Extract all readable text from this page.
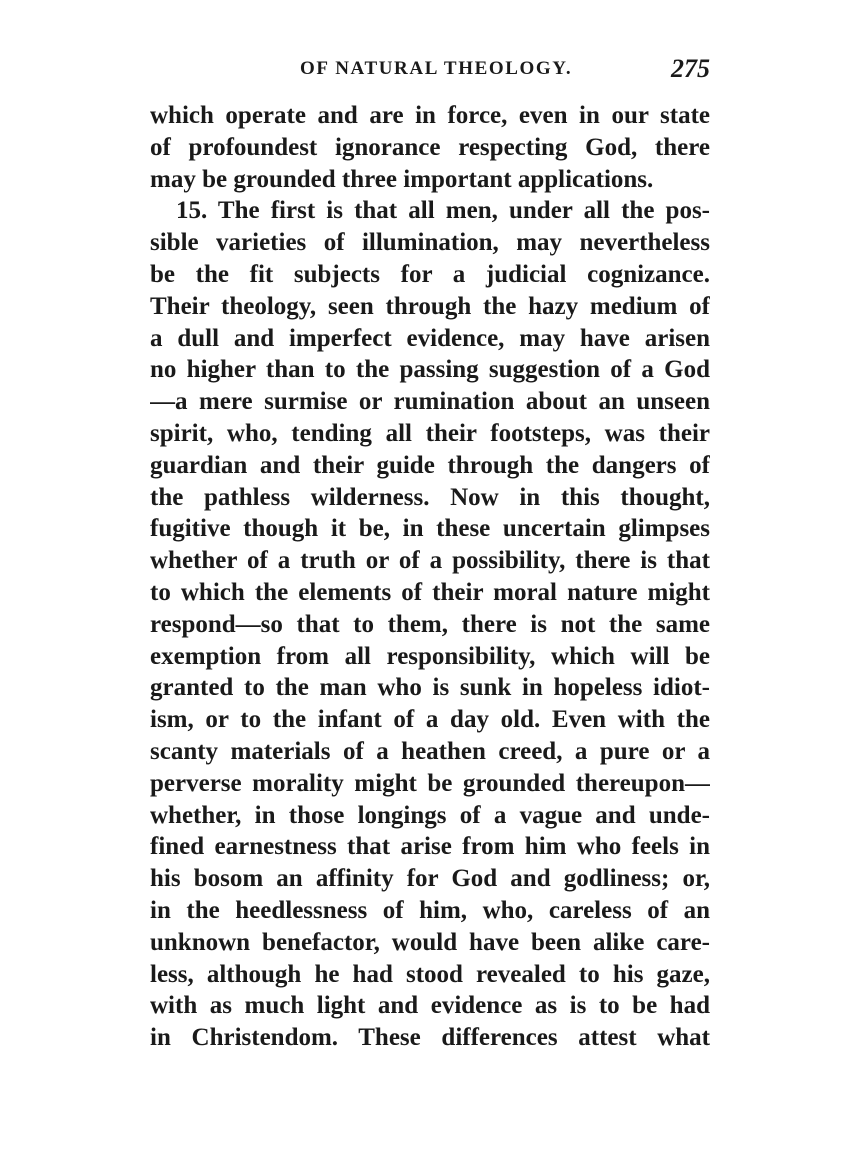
OF NATURAL THEOLOGY.	275
which operate and are in force, even in our state
of profoundest ignorance respecting God, there
may be grounded three important applications.
15. The first is that all men, under all the pos-
sible varieties of illumination, may nevertheless
be the fit subjects for a judicial cognizance.
Their theology, seen through the hazy medium of
a dull and imperfect evidence, may have arisen
no higher than to the passing suggestion of a God
—a mere surmise or rumination about an unseen
spirit, who, tending all their footsteps, was their
guardian and their guide through the dangers of
the pathless wilderness. Now in this thought,
fugitive though it be, in these uncertain glimpses
whether of a truth or of a possibility, there is that
to which the elements of their moral nature might
respond—so that to them, there is not the same
exemption from all responsibility, which will be
granted to the man who is sunk in hopeless idiot-
ism, or to the infant of a day old. Even with the
scanty materials of a heathen creed, a pure or a
perverse morality might be grounded thereupon—
whether, in those longings of a vague and unde-
fined earnestness that arise from him who feels in
his bosom an affinity for God and godliness; or,
in the heedlessness of him, who, careless of an
unknown benefactor, would have been alike care-
less, although he had stood revealed to his gaze,
with as much light and evidence as is to be had
in Christendom. These differences attest what
